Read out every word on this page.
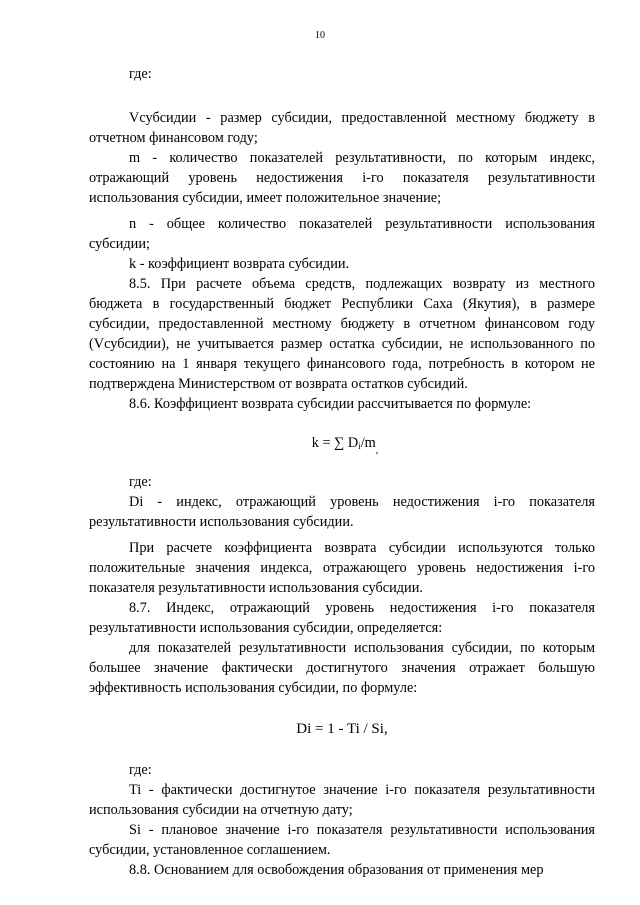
10

где:

Vсубсидии - размер субсидии, предоставленной местному бюджету в отчетном финансовом году;

m - количество показателей результативности, по которым индекс, отражающий уровень недостижения i-го показателя результативности использования субсидии, имеет положительное значение;

n - общее количество показателей результативности использования субсидии;

k - коэффициент возврата субсидии.

8.5. При расчете объема средств, подлежащих возврату из местного бюджета в государственный бюджет Республики Саха (Якутия), в размере субсидии, предоставленной местному бюджету в отчетном финансовом году (Vсубсидии), не учитывается размер остатка субсидии, не использованного по состоянию на 1 января текущего финансового года, потребность в котором не подтверждена Министерством от возврата остатков субсидий.

8.6. Коэффициент возврата субсидии рассчитывается по формуле:

k = ∑ $D_i/m_,$

где:

Di - индекс, отражающий уровень недостижения i-го показателя результативности использования субсидии.

При расчете коэффициента возврата субсидии используются только положительные значения индекса, отражающего уровень недостижения i-го показателя результативности использования субсидии.

8.7. Индекс, отражающий уровень недостижения i-го показателя результативности использования субсидии, определяется:

для показателей результативности использования субсидии, по которым большее значение фактически достигнутого значения отражает большую эффективность использования субсидии, по формуле:

Di = 1 - Ti / Si,

где:

Ti - фактически достигнутое значение i-го показателя результативности использования субсидии на отчетную дату;

Si - плановое значение i-го показателя результативности использования субсидии, установленное соглашением.

8.8. Основанием для освобождения образования от применения мер
